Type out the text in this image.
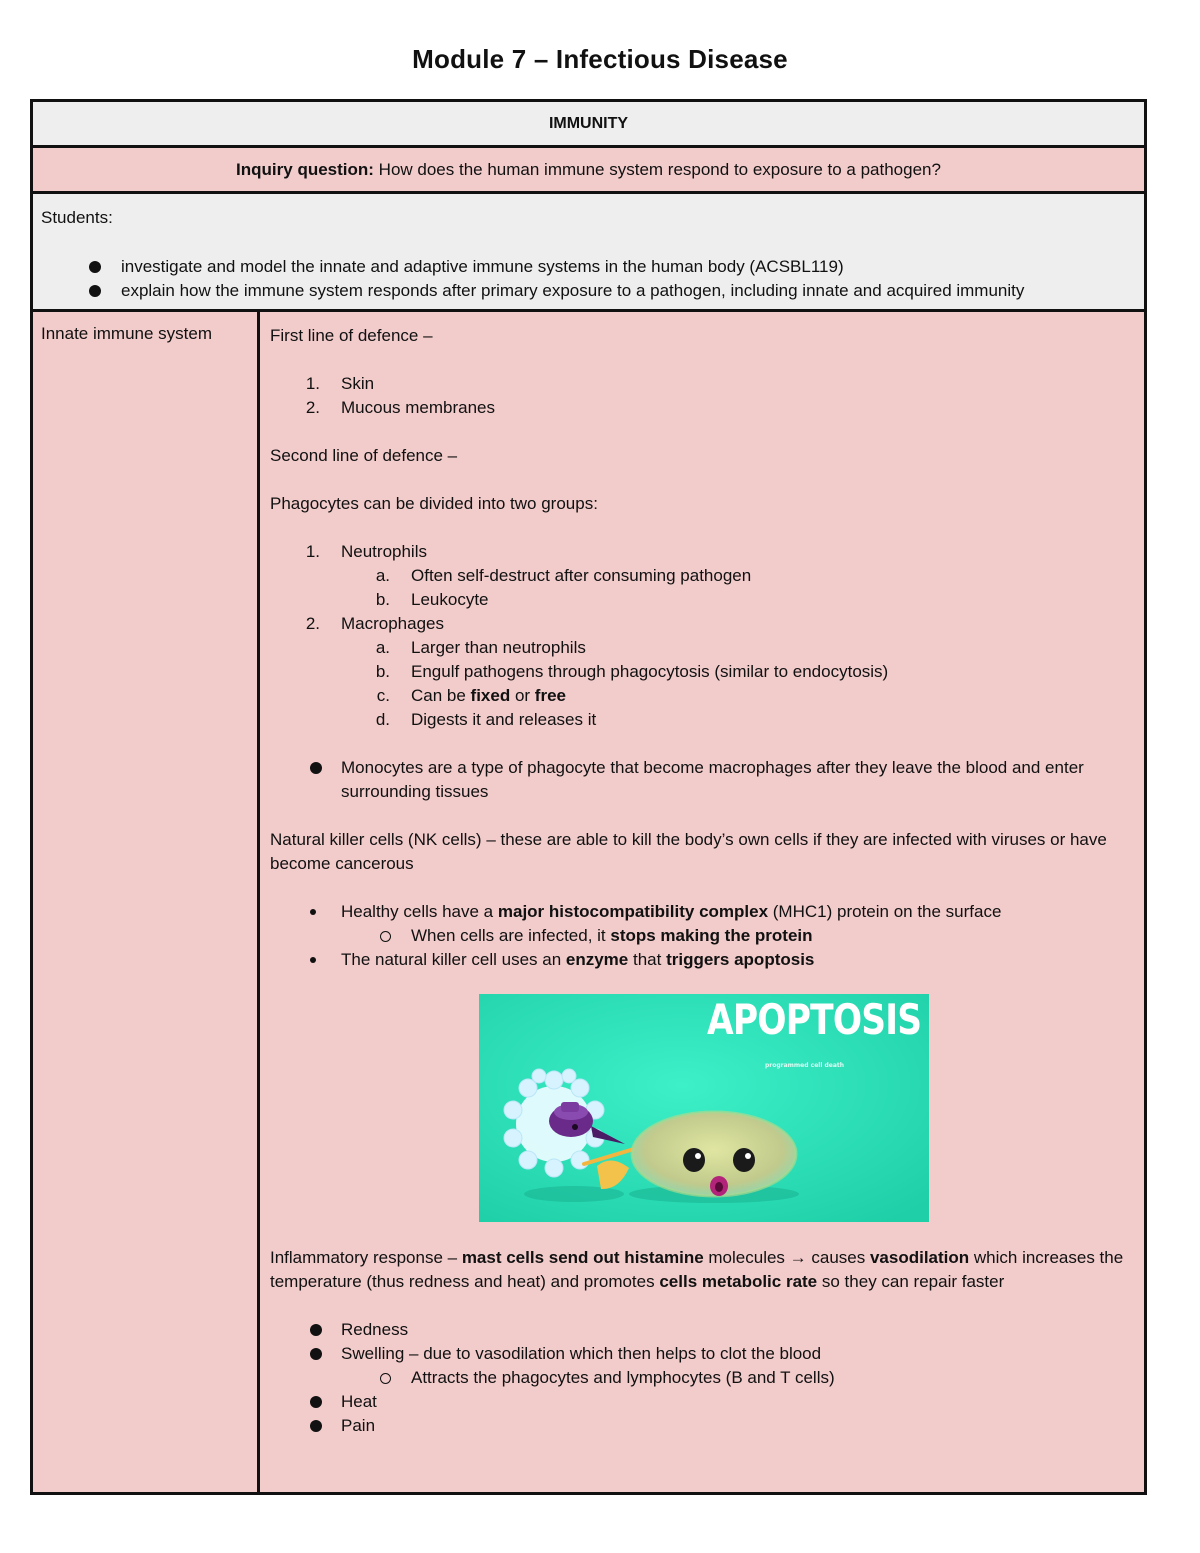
Module 7 – Infectious Disease
IMMUNITY
Inquiry question: How does the human immune system respond to exposure to a pathogen?

Students:

investigate and model the innate and adaptive immune systems in the human body (ACSBL119)
explain how the immune system responds after primary exposure to a pathogen, including innate and acquired immunity
Innate immune system	First line of defence –

1. Skin
2. Mucous membranes

Second line of defence –

Phagocytes can be divided into two groups:

1. Neutrophils
a. Often self-destruct after consuming pathogen
b. Leukocyte
2. Macrophages
a. Larger than neutrophils
b. Engulf pathogens through phagocytosis (similar to endocytosis)
c. Can be fixed or free
d. Digests it and releases it
Monocytes are a type of phagocyte that become macrophages after they leave the blood and enter surrounding tissues

Natural killer cells (NK cells) – these are able to kill the body’s own cells if they are infected with viruses or have become cancerous

Healthy cells have a major histocompatibility complex (MHC1) protein on the surface
When cells are infected, it stops making the protein
The natural killer cell uses an enzyme that triggers apoptosis
APOPTOSIS
programmed cell death

Inflammatory response – mast cells send out histamine molecules → causes vasodilation which increases the temperature (thus redness and heat) and promotes cells metabolic rate so they can repair faster

Redness
Swelling – due to vasodilation which then helps to clot the blood
Attracts the phagocytes and lymphocytes (B and T cells)
Heat
Pain
